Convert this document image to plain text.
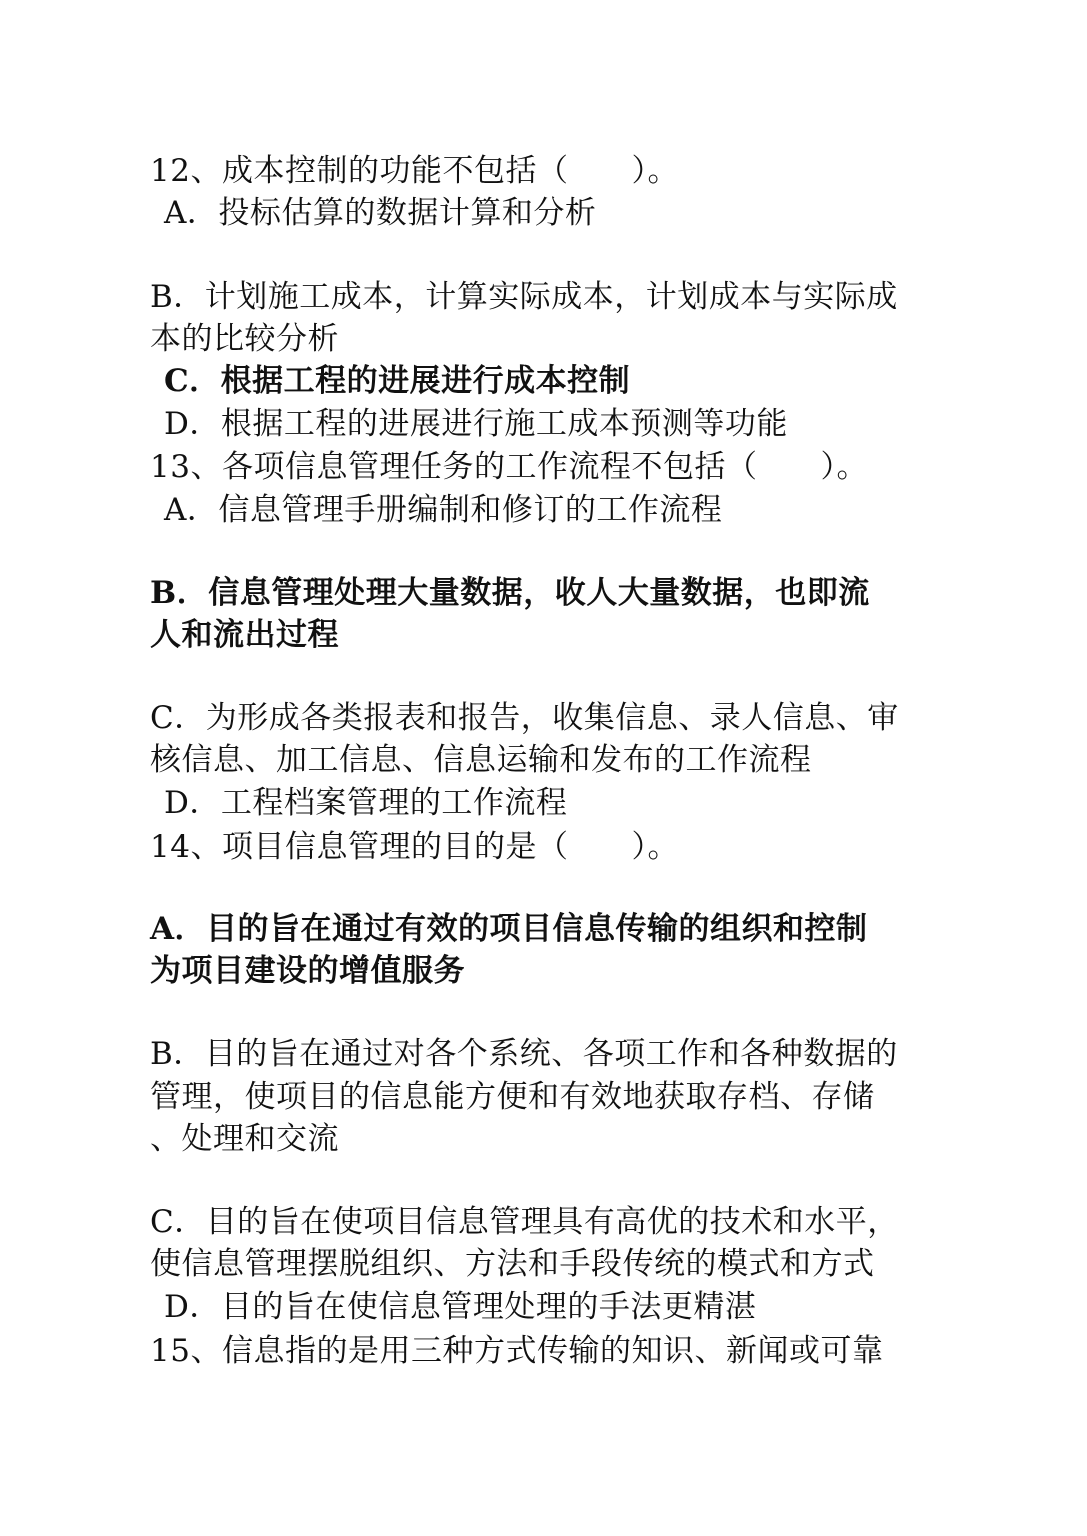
12、成本控制的功能不包括（　　）。
A．投标估算的数据计算和分析
B．计划施工成本，计算实际成本，计划成本与实际成
本的比较分析
C．根据工程的进展进行成本控制
D．根据工程的进展进行施工成本预测等功能
13、各项信息管理任务的工作流程不包括（　　）。
A．信息管理手册编制和修订的工作流程
B．信息管理处理大量数据，收人大量数据，也即流
人和流出过程
C．为形成各类报表和报告，收集信息、录人信息、审
核信息、加工信息、信息运输和发布的工作流程
D．工程档案管理的工作流程
14、项目信息管理的目的是（　　）。
A．目的旨在通过有效的项目信息传输的组织和控制
为项目建设的增值服务
B．目的旨在通过对各个系统、各项工作和各种数据的
管理，使项目的信息能方便和有效地获取存档、存储
、处理和交流
C．目的旨在使项目信息管理具有高优的技术和水平，
使信息管理摆脱组织、方法和手段传统的模式和方式
D．目的旨在使信息管理处理的手法更精湛
15、信息指的是用三种方式传输的知识、新闻或可靠
